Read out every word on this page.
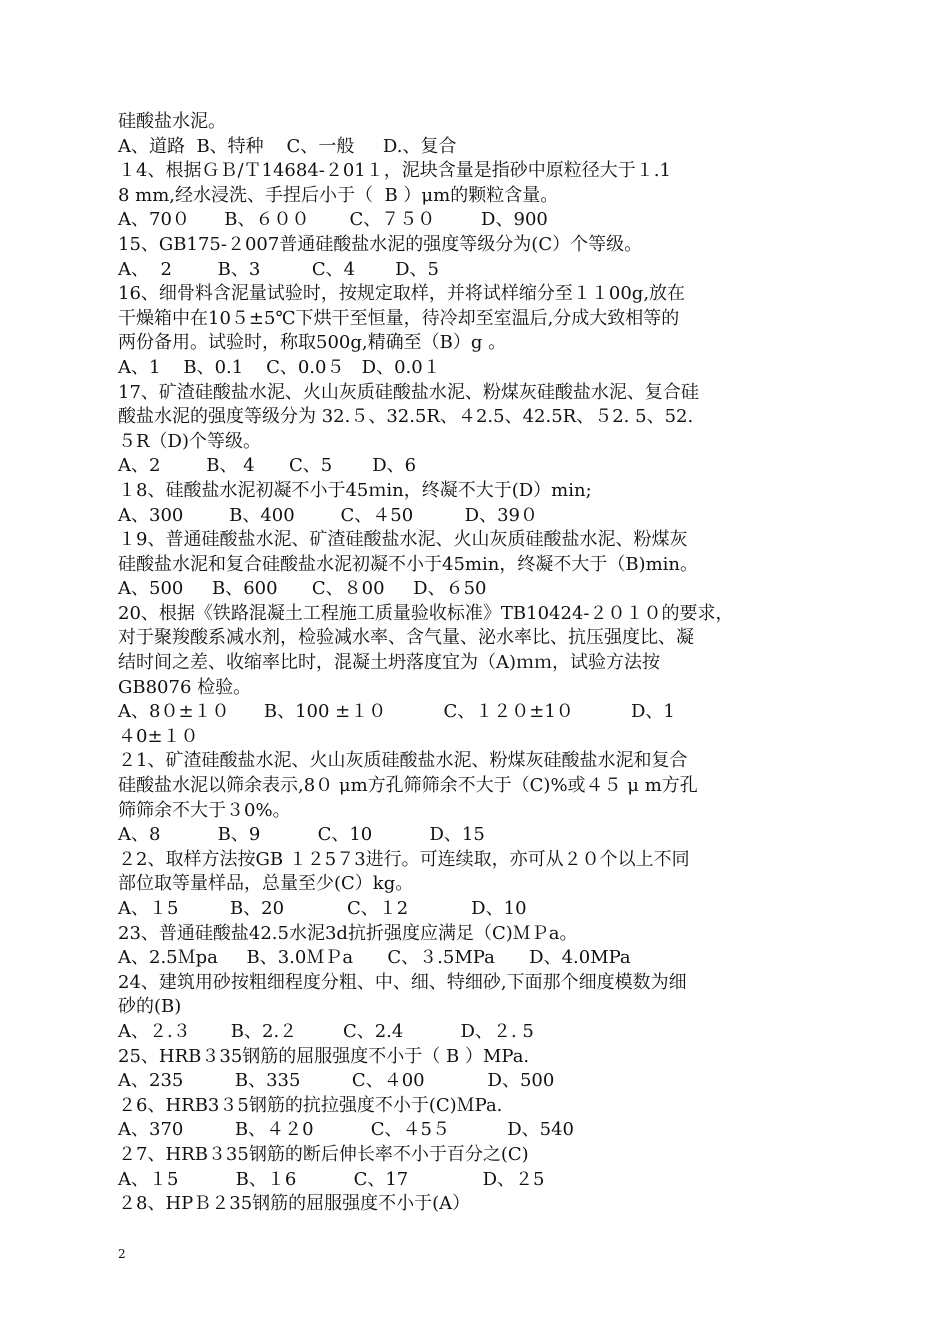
硅酸盐水泥。
A、道路  B、特种    C、一般     D.、复合
１4、根据ＧＢ/Ｔ14684-２01１，泥块含量是指砂中原粒径大于１.1
8 mm,经水浸洗、手捏后小于（  B ）μm的颗粒含量。
A、70０      B、６００       C、７５０        D、900
15、GB175-２007普通硅酸盐水泥的强度等级分为(C）个等级。
A、  2        B、3         C、4       D、5
16、细骨料含泥量试验时，按规定取样，并将试样缩分至１１00g,放在
干燥箱中在10５±5℃下烘干至恒量，待冷却至室温后,分成大致相等的
两份备用。试验时，称取500g,精确至（B）g 。
A、1    B、0.1    C、0.0５   D、0.0１
17、矿渣硅酸盐水泥、火山灰质硅酸盐水泥、粉煤灰硅酸盐水泥、复合硅
酸盐水泥的强度等级分为 32.５、32.5R、４2.5、42.5R、５2. 5、52.
５R（D)个等级。
A、2        B、 4      C、5       D、6
１8、硅酸盐水泥初凝不小于45ｍin，终凝不大于(D）min;
A、300        B、400        C、４50         D、39０
１9、普通硅酸盐水泥、矿渣硅酸盐水泥、火山灰质硅酸盐水泥、粉煤灰
硅酸盐水泥和复合硅酸盐水泥初凝不小于45min，终凝不大于（B)min。
A、500     B、600      C、８00     D、６50
20、根据《铁路混凝土工程施工质量验收标准》TB10424-２０１０的要求，
对于聚羧酸系减水剂，检验减水率、含气量、泌水率比、抗压强度比、凝
结时间之差、收缩率比时，混凝土坍落度宜为（A)ｍｍ，试验方法按
GB8076 检验。
A、8０±１０      B、100 ±１０          C、１２０±1０          D、1
４0±１０
２1、矿渣硅酸盐水泥、火山灰质硅酸盐水泥、粉煤灰硅酸盐水泥和复合
硅酸盐水泥以筛余表示,8０ μm方孔筛筛余不大于（C)%或４５ μ m方孔
筛筛余不大于３0%。
A、8          B、9          C、10          D、15
２2、取样方法按GB １２5７3进行。可连续取，亦可从２０个以上不同
部位取等量样品，总量至少(C）kg。
A、１5         B、20           C、１2           D、10
23、普通硅酸盐42.5水泥3d抗折强度应满足（C)ＭＰa。
A、2.5Ｍpa     B、3.0ＭＰa      C、３.5MPa      D、4.0MPa
24、建筑用砂按粗细程度分粗、中、细、特细砂,下面那个细度模数为细
砂的(B)
A、２.３       B、2.２        C、2.4          D、２. 5
25、HRB３35钢筋的屈服强度不小于（ B ）MPa.
A、235         B、335         C、４00           D、500
２6、HRB3３5钢筋的抗拉强度不小于(C)ＭPa.
A、370         B、４２0          C、４5５          D、540
２7、HRB３35钢筋的断后伸长率不小于百分之(C)
A、１5          B、１6          C、17             D、２5
２8、HPＢ２35钢筋的屈服强度不小于(A）
2
